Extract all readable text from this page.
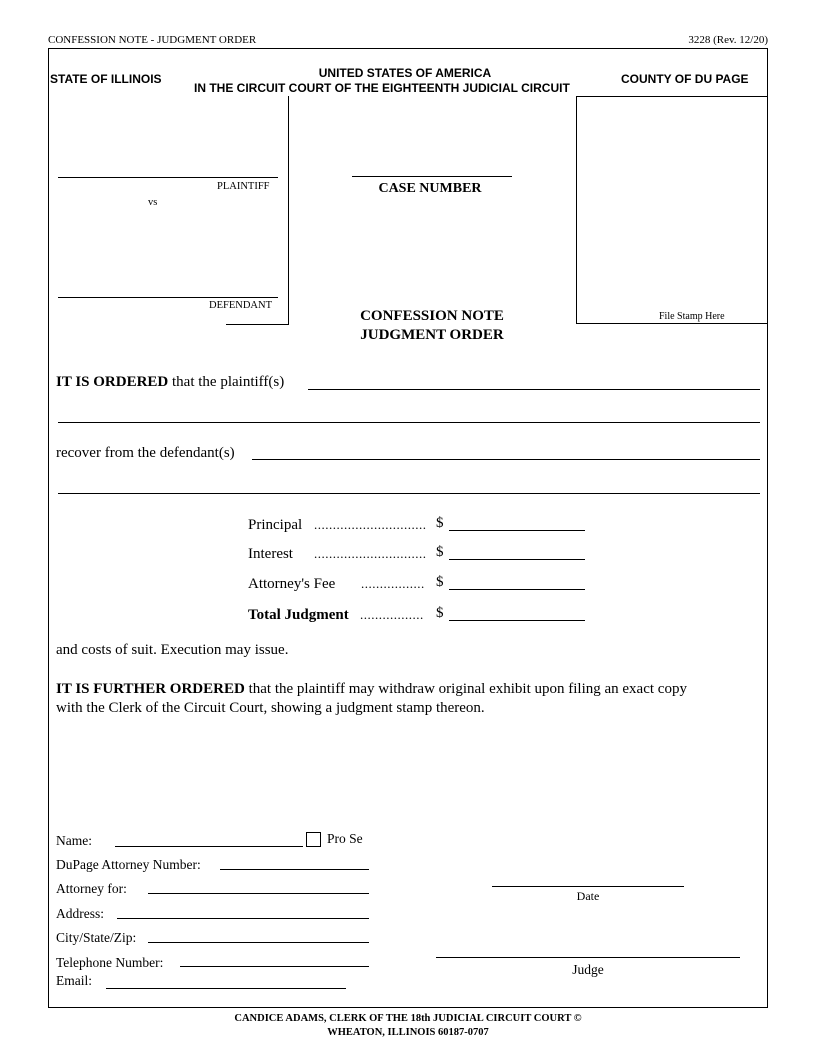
CONFESSION NOTE - JUDGMENT ORDER	3228 (Rev. 12/20)
STATE OF ILLINOIS	UNITED STATES OF AMERICA
IN THE CIRCUIT COURT OF THE EIGHTEENTH JUDICIAL CIRCUIT
COUNTY OF DU PAGE
PLAINTIFF
vs
DEFENDANT
CASE NUMBER
File Stamp Here
CONFESSION NOTE
JUDGMENT ORDER
IT IS ORDERED that the plaintiff(s)
recover from the defendant(s)
Principal .............................. $
Interest .............................. $
Attorney's Fee ................. $
Total Judgment ................. $
and costs of suit. Execution may issue.
IT IS FURTHER ORDERED that the plaintiff may withdraw original exhibit upon filing an exact copy
with the Clerk of the Circuit Court, showing a judgment stamp thereon.
Name:	Pro Se
DuPage Attorney Number:
Attorney for:
Address:
City/State/Zip:
Telephone Number:
Email:
Date
Judge
CANDICE ADAMS, CLERK OF THE 18th JUDICIAL CIRCUIT COURT ©
WHEATON, ILLINOIS 60187-0707
